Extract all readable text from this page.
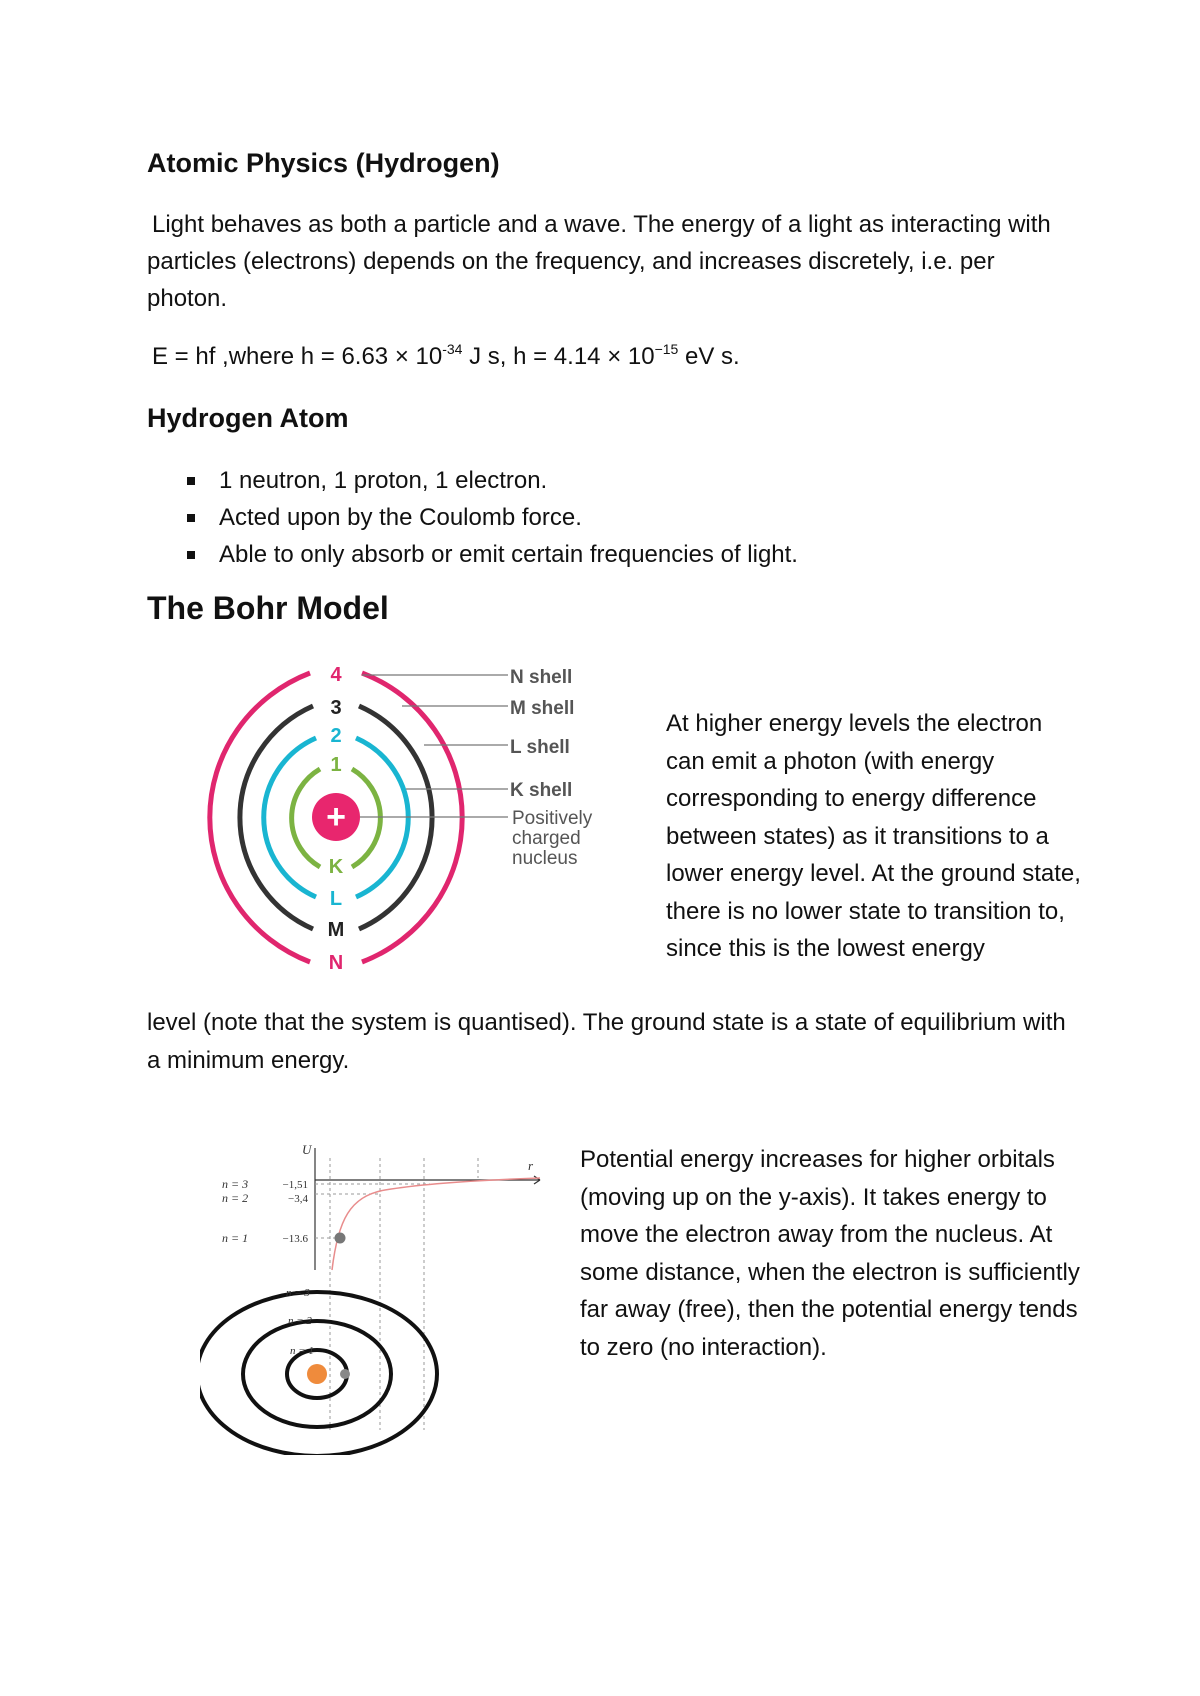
Atomic Physics (Hydrogen)

Light behaves as both a particle and a wave. The energy of a light as interacting with particles (electrons) depends on the frequency, and increases discretely, i.e. per photon.

E = hf ,where $h = 6.63 \times 10^{-34}$ J s, $h = 4.14 \times 10^{-15}$ eV s.

Hydrogen Atom
1 neutron, 1 proton, 1 electron.
Acted upon by the Coulomb force.
Able to only absorb or emit certain frequencies of light.
The Bohr Model
+
4
3
2
1
K
L
M
N
N shell
M shell
L shell
K shell
Positively
charged
nucleus

At higher energy levels the electron can emit a photon (with energy corresponding to energy difference between states) as it transitions to a lower energy level. At the ground state, there is no lower state to transition to, since this is the lowest energy

level (note that the system is quantised). The ground state is a state of equilibrium with a minimum energy.

U
r
n = 3
n = 2
n = 1
−1,51
−3,4
−13.6
n = 3
n = 2
n = 1

Potential energy increases for higher orbitals (moving up on the y-axis). It takes energy to move the electron away from the nucleus. At some distance, when the electron is sufficiently far away (free), then the potential energy tends to zero (no interaction).
